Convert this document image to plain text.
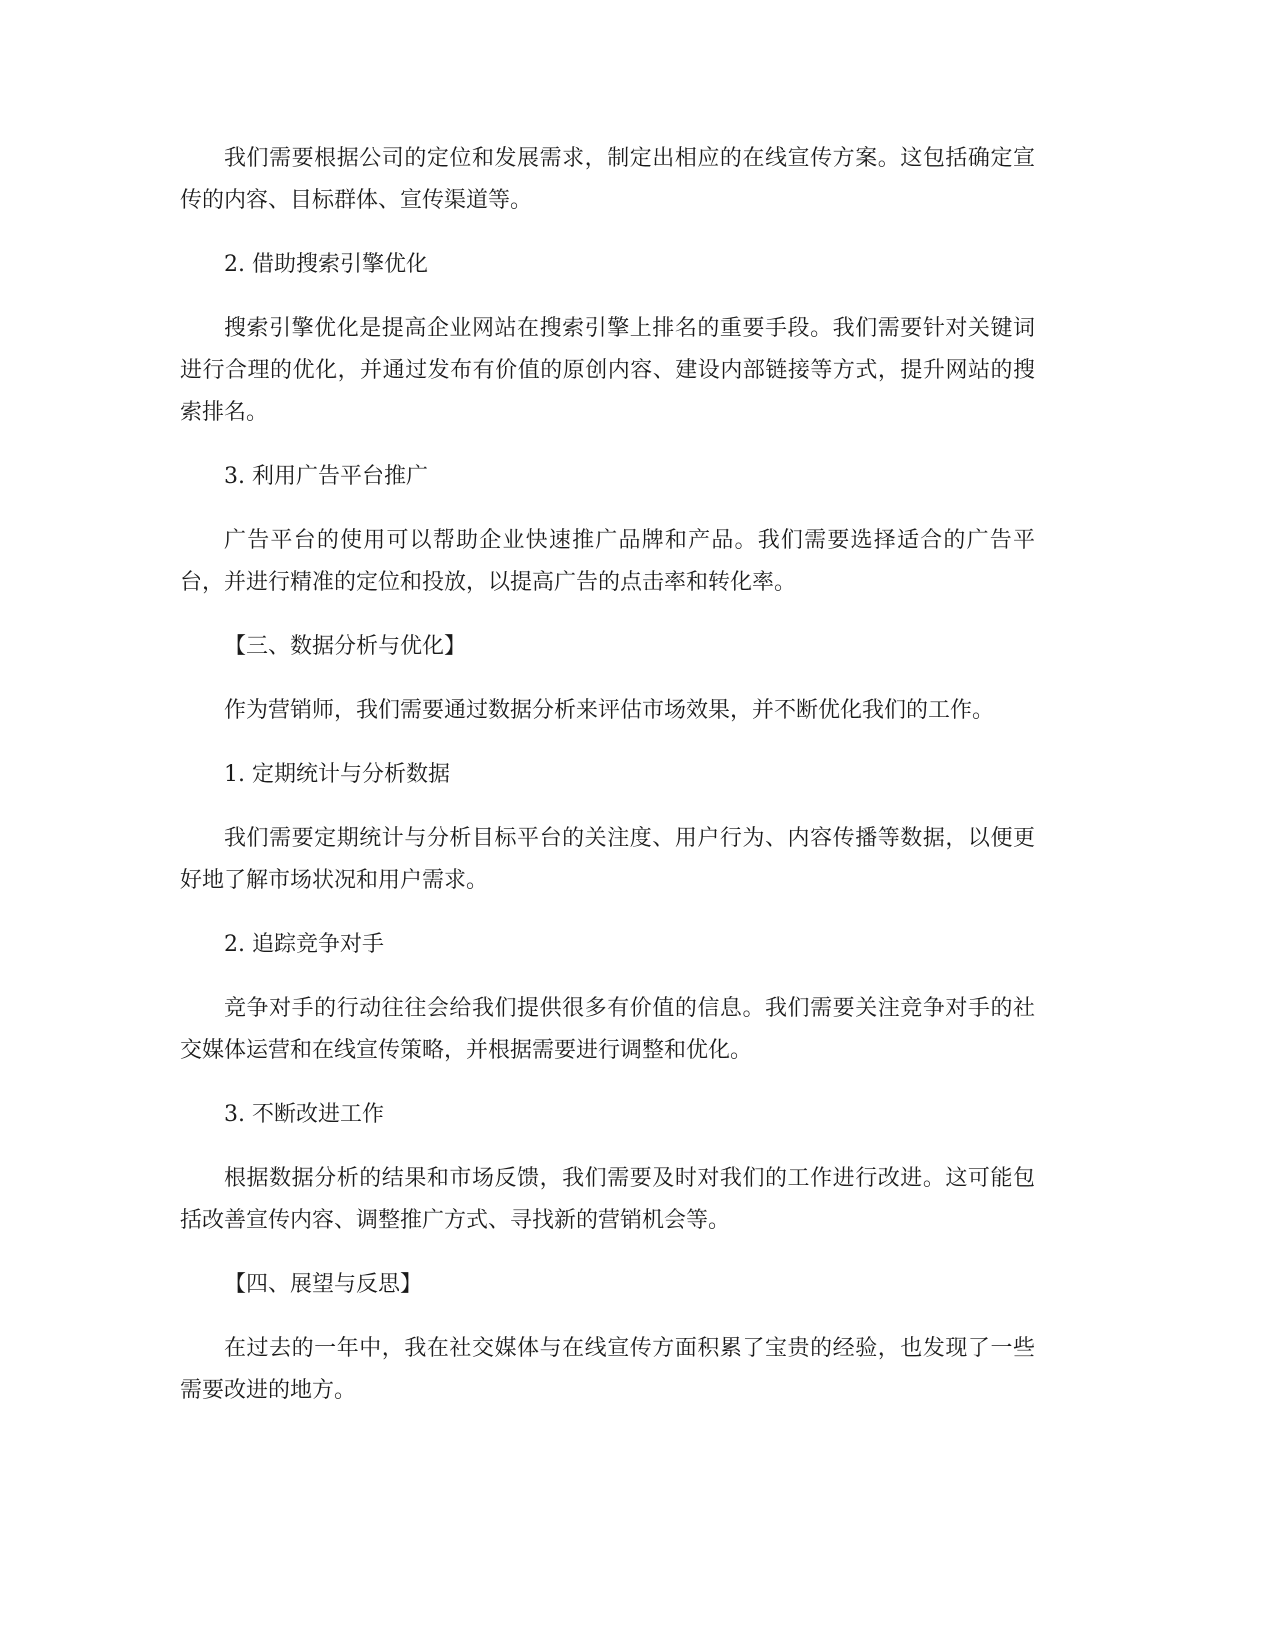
我们需要根据公司的定位和发展需求，制定出相应的在线宣传方案。这包括确定宣传的内容、目标群体、宣传渠道等。

2. 借助搜索引擎优化

搜索引擎优化是提高企业网站在搜索引擎上排名的重要手段。我们需要针对关键词进行合理的优化，并通过发布有价值的原创内容、建设内部链接等方式，提升网站的搜索排名。

3. 利用广告平台推广

广告平台的使用可以帮助企业快速推广品牌和产品。我们需要选择适合的广告平台，并进行精准的定位和投放，以提高广告的点击率和转化率。

【三、数据分析与优化】

作为营销师，我们需要通过数据分析来评估市场效果，并不断优化我们的工作。

1. 定期统计与分析数据

我们需要定期统计与分析目标平台的关注度、用户行为、内容传播等数据，以便更好地了解市场状况和用户需求。

2. 追踪竞争对手

竞争对手的行动往往会给我们提供很多有价值的信息。我们需要关注竞争对手的社交媒体运营和在线宣传策略，并根据需要进行调整和优化。

3. 不断改进工作

根据数据分析的结果和市场反馈，我们需要及时对我们的工作进行改进。这可能包括改善宣传内容、调整推广方式、寻找新的营销机会等。

【四、展望与反思】

在过去的一年中，我在社交媒体与在线宣传方面积累了宝贵的经验，也发现了一些需要改进的地方。
